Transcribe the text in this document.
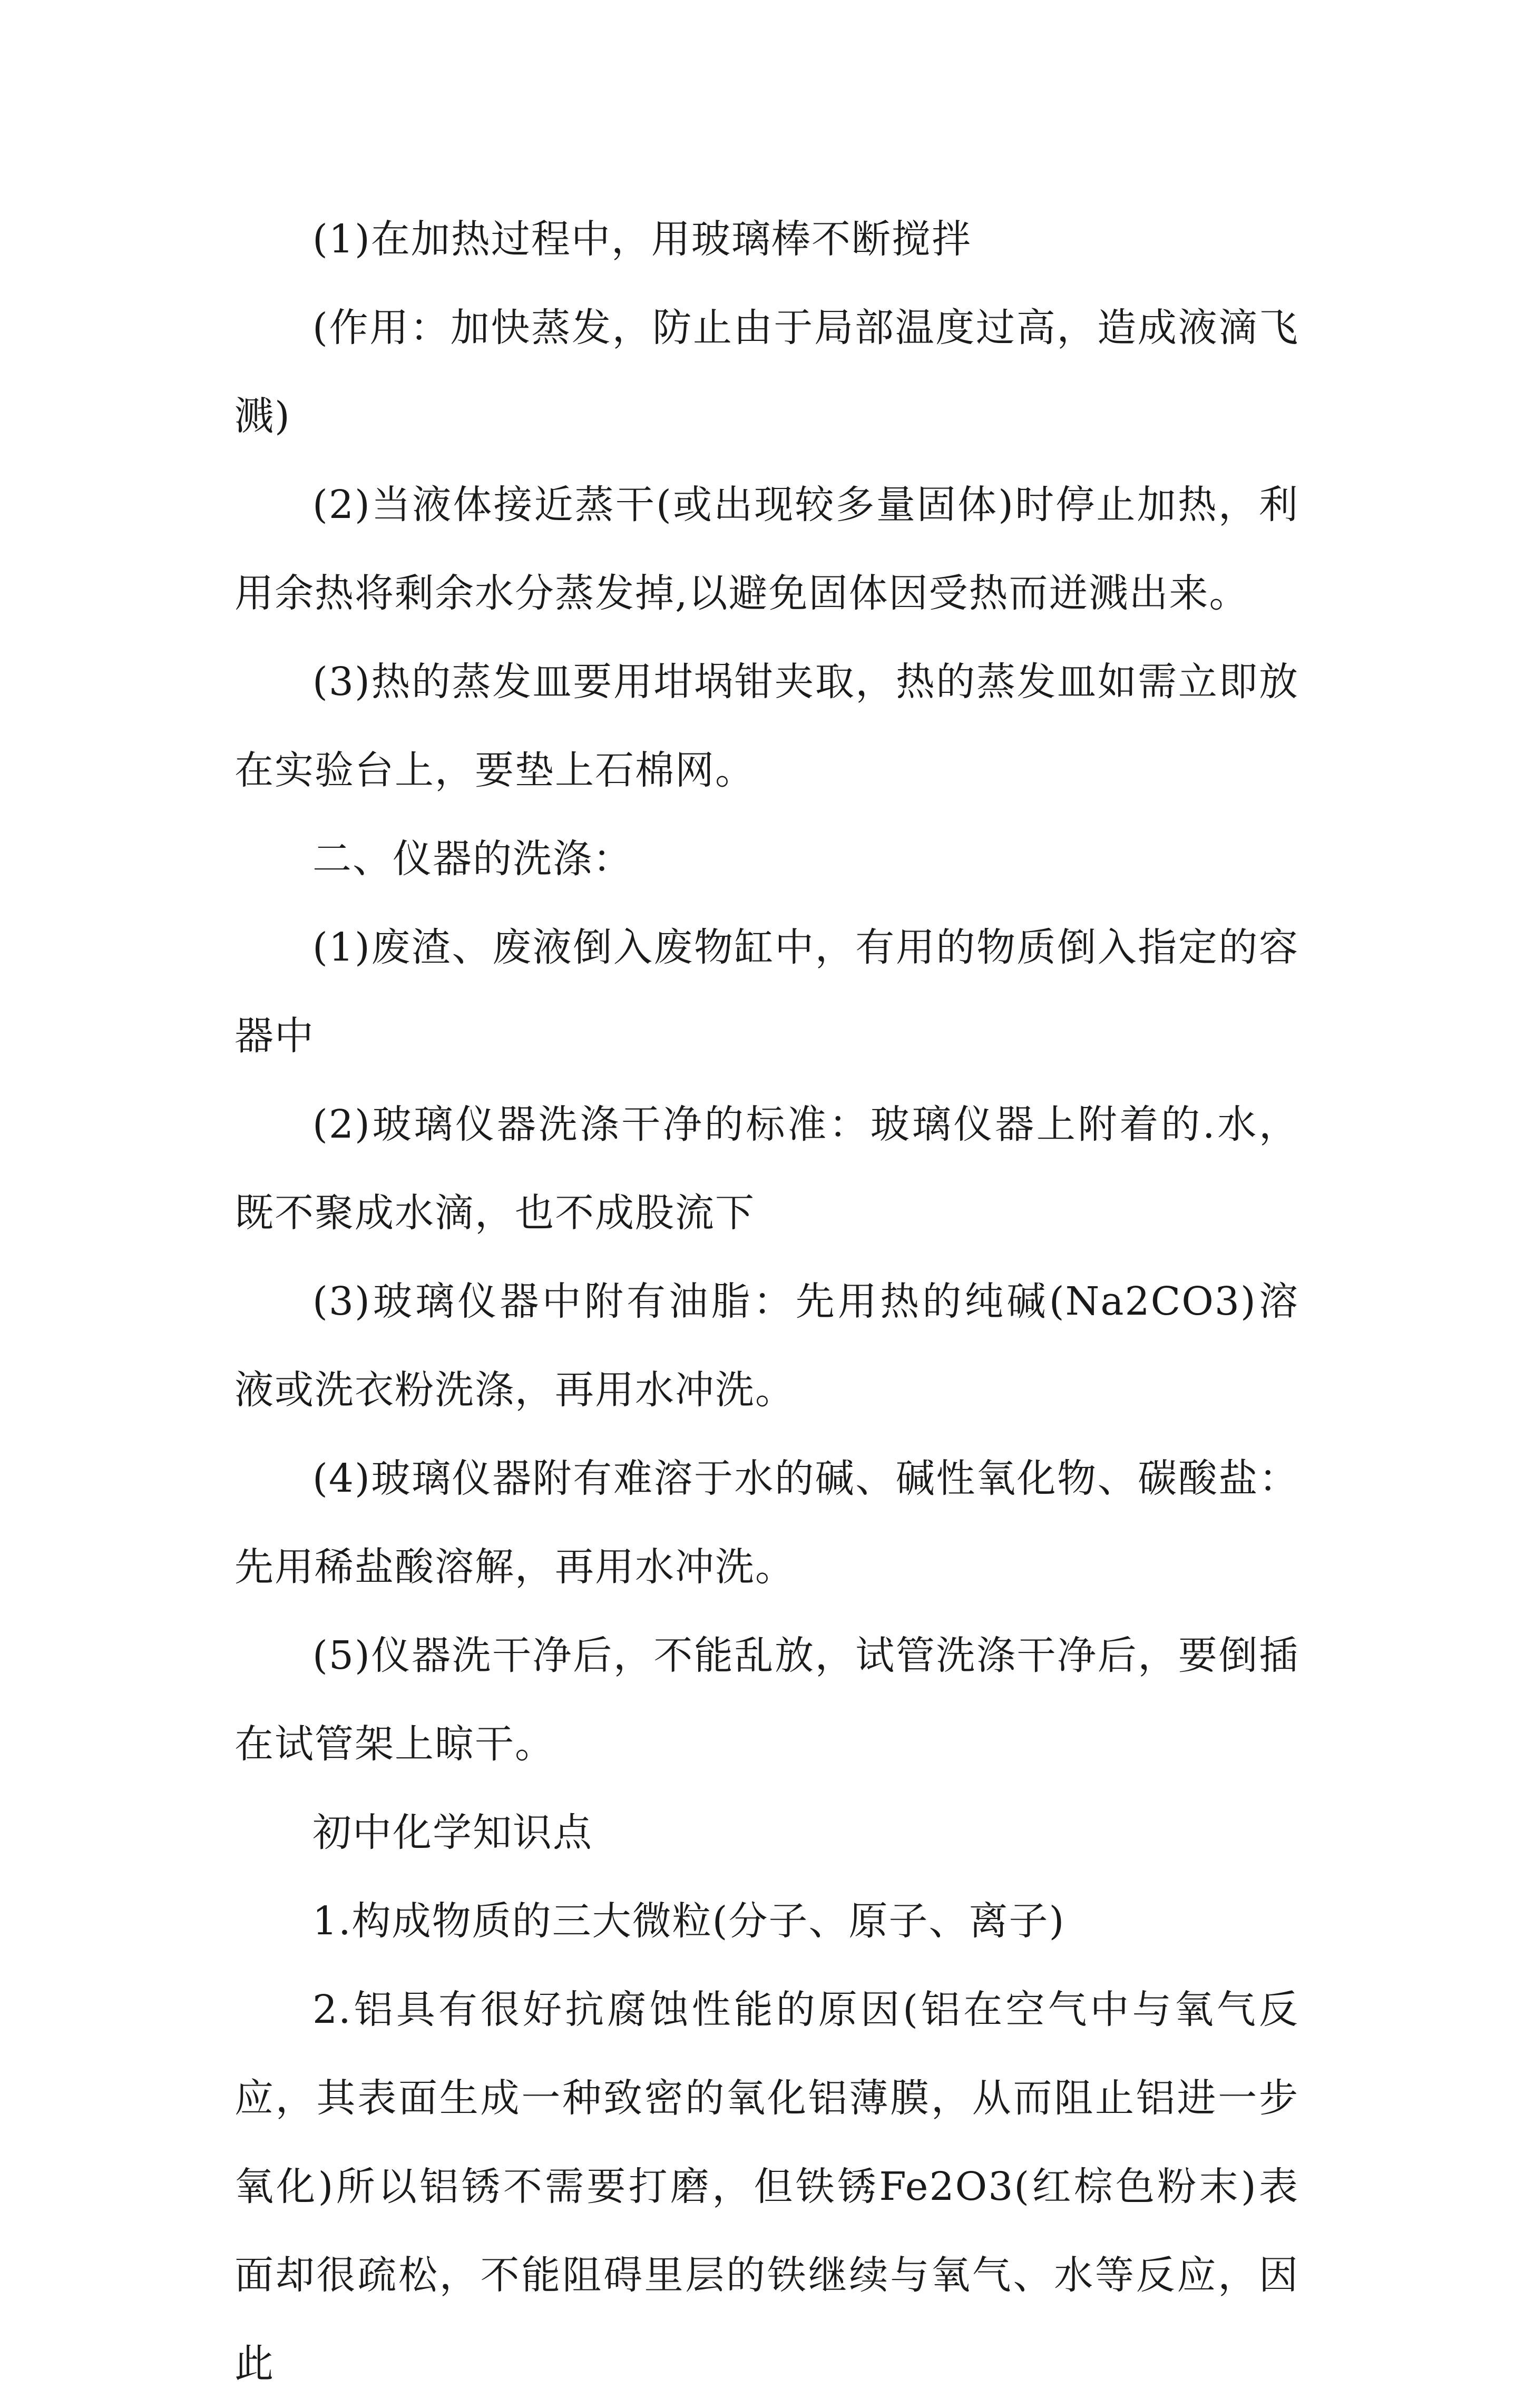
(1)在加热过程中，用玻璃棒不断搅拌

(作用：加快蒸发，防止由于局部温度过高，造成液滴飞溅)

(2)当液体接近蒸干(或出现较多量固体)时停止加热，利用余热将剩余水分蒸发掉,以避免固体因受热而迸溅出来。

(3)热的蒸发皿要用坩埚钳夹取，热的蒸发皿如需立即放在实验台上，要垫上石棉网。

二、仪器的洗涤：

(1)废渣、废液倒入废物缸中，有用的物质倒入指定的容器中

(2)玻璃仪器洗涤干净的标准：玻璃仪器上附着的.水，既不聚成水滴，也不成股流下

(3)玻璃仪器中附有油脂：先用热的纯碱(Na2CO3)溶液或洗衣粉洗涤，再用水冲洗。

(4)玻璃仪器附有难溶于水的碱、碱性氧化物、碳酸盐：先用稀盐酸溶解，再用水冲洗。

(5)仪器洗干净后，不能乱放，试管洗涤干净后，要倒插在试管架上晾干。

初中化学知识点

1.构成物质的三大微粒(分子、原子、离子)

2.铝具有很好抗腐蚀性能的原因(铝在空气中与氧气反应，其表面生成一种致密的氧化铝薄膜，从而阻止铝进一步氧化)所以铝锈不需要打磨，但铁锈Fe2O3(红棕色粉末)表面却很疏松，不能阻碍里层的铁继续与氧气、水等反应，因此
